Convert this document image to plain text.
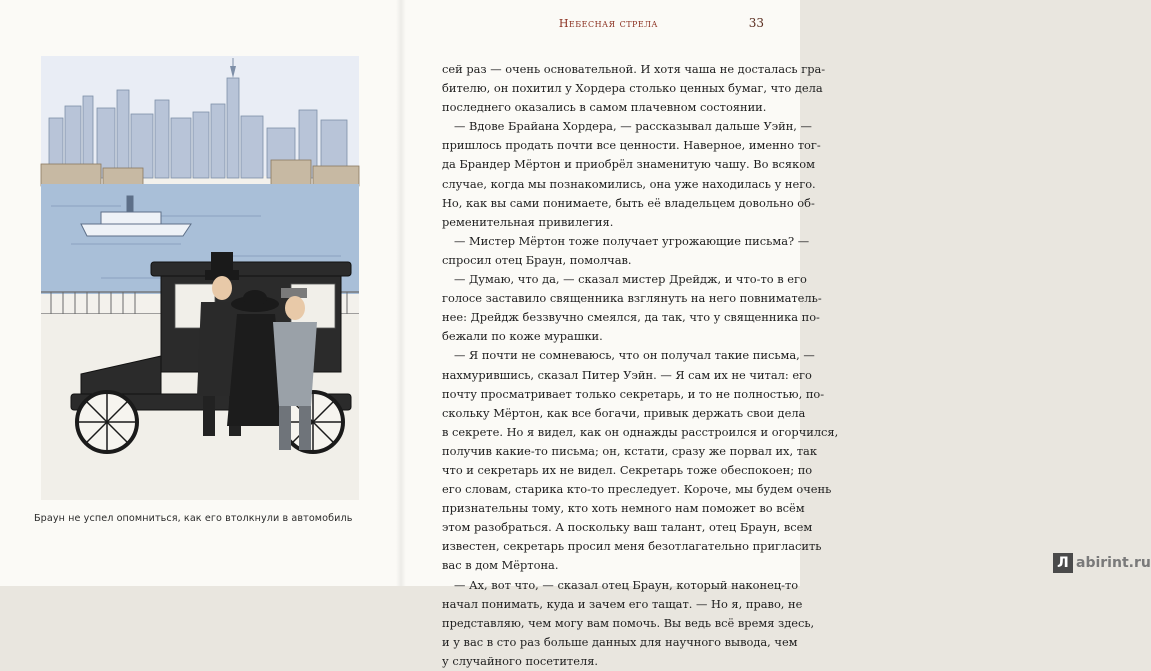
Браун не успел опомниться, как его втолкнули в автомобиль
Небесная стрела	33
сей раз — очень основательной. И хотя чаша не досталась гра-
бителю, он похитил у Хордера столько ценных бумаг, что дела
последнего оказались в самом плачевном состоянии.
— Вдове Брайана Хордера, — рассказывал дальше Уэйн, —
пришлось продать почти все ценности. Наверное, именно тог-
да Брандер Мёртон и приобрёл знаменитую чашу. Во всяком
случае, когда мы познакомились, она уже находилась у него.
Но, как вы сами понимаете, быть её владельцем довольно об-
ременительная привилегия.
— Мистер Мёртон тоже получает угрожающие письма? —
спросил отец Браун, помолчав.
— Думаю, что да, — сказал мистер Дрейдж, и что-то в его
голосе заставило священника взглянуть на него повниматель-
нее: Дрейдж беззвучно смеялся, да так, что у священника по-
бежали по коже мурашки.
— Я почти не сомневаюсь, что он получал такие письма, —
нахмурившись, сказал Питер Уэйн. — Я сам их не читал: его
почту просматривает только секретарь, и то не полностью, по-
скольку Мёртон, как все богачи, привык держать свои дела
в секрете. Но я видел, как он однажды расстроился и огорчился,
получив какие-то письма; он, кстати, сразу же порвал их, так
что и секретарь их не видел. Секретарь тоже обеспокоен; по
его словам, старика кто-то преследует. Короче, мы будем очень
признательны тому, кто хоть немного нам поможет во всём
этом разобраться. А поскольку ваш талант, отец Браун, всем
известен, секретарь просил меня безотлагательно пригласить
вас в дом Мёртона.
— Ах, вот что, — сказал отец Браун, который наконец-то
начал понимать, куда и зачем его тащат. — Но я, право, не
представляю, чем могу вам помочь. Вы ведь всё время здесь,
и у вас в сто раз больше данных для научного вывода, чем
у случайного посетителя.
Л abirint.ru
